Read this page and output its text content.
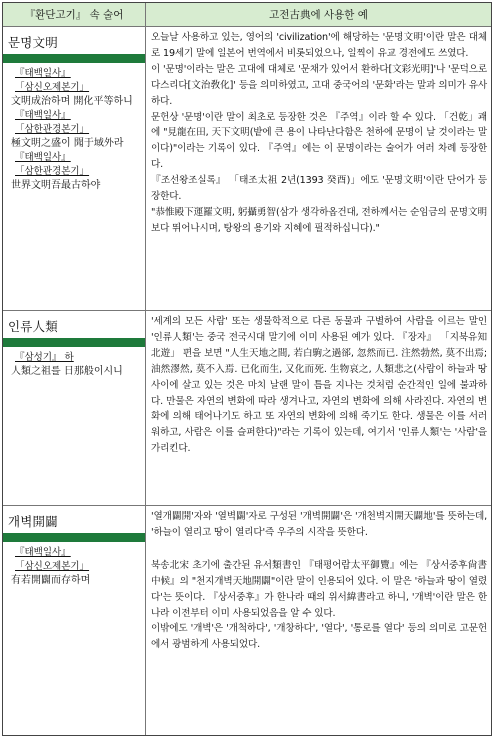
『환단고기』 속 술어	고전古典에 사용한 예
문명文明
『태백일사』
「삼신오제본기」
文明成治하며 開化平等하니
『태백일사』
「삼한관경본기」
極文明之盛이 聞于域外라
『태백일사』
「삼한관경본기」
世界文明吾最古하야
오늘날 사용하고 있는, 영어의 'civilization'에 해당하는 '문명文明'이란 말은 대체로 19세기 말에 일본어 번역에서 비롯되었으나, 일찍이 유교 경전에도 쓰였다.
이 '문명'이라는 말은 고대에 대체로 '문채가 있어서 환하다[文彩光明]'나 '문덕으로 다스리다[文治敎化]' 등을 의미하였고, 고대 중국어의 '문화'라는 말과 의미가 유사하다.
문헌상 '문명'이란 말이 최초로 등장한 것은 『주역』이라 할 수 있다. 「건乾」괘에 "見龍在田, 天下文明(밭에 큰 용이 나타난다함은 천하에 문명이 날 것이라는 말이다)"이라는 기록이 있다. 『주역』에는 이 문명이라는 술어가 여러 차례 등장한다.
『조선왕조실록』 「태조太祖 2년(1393 癸酉)」에도 '문명文明'이란 단어가 등장한다.
"恭惟殿下運羅文明, 躬攝勇智(삼가 생각하옵건대, 전하께서는 순임금의 문명文明보다 뛰어나시며, 탕왕의 용기와 지혜에 필적하십니다)."
인류人類
『삼성기』 하
人類之祖를 日那般이시니
'세계의 모든 사람' 또는 생물학적으로 다른 동물과 구별하여 사람을 이르는 말인 '인류人類'는 중국 전국시대 말기에 이미 사용된 예가 있다. 『장자』 「지북유知北遊」 편을 보면 "人生天地之間, 若白駒之過郤, 忽然而已. 注然勃然, 莫不出焉; 油然漻然, 莫不入焉. 已化而生, 又化而死. 生物哀之, 人類悲之(사람이 하늘과 땅 사이에 살고 있는 것은 마치 날랜 말이 틈을 지나는 것처럼 순간적인 일에 불과하다. 만물은 자연의 변화에 따라 생겨나고, 자연의 변화에 의해 사라진다. 자연의 변화에 의해 태어나기도 하고 또 자연의 변화에 의해 죽기도 한다. 생물은 이를 서러워하고, 사람은 이를 슬퍼한다)"라는 기록이 있는데, 여기서 '인류人類'는 '사람'을 가리킨다.
개벽開闢
『태백일사』
「삼신오제본기」
有若開闢而存하며
'열개闢開'자와 '열벽闢'자로 구성된 '개벽開闢'은 '개천벽지開天闢地'를 뜻하는데, '하늘이 열리고 땅이 열리다'즉 우주의 시작을 뜻한다.
북송北宋 초기에 출간된 유서類書인 『태평어람太平御覽』에는 『상서중후尙書中候』의 "천지개벽天地開闢"이란 말이 인용되어 있다. 이 말은 '하늘과 땅이 열렸다'는 뜻이다. 『상서중후』가 한나라 때의 위서緯書라고 하니, '개벽'이란 말은 한나라 이전부터 이미 사용되었음을 알 수 있다.
이밖에도 '개벽'은 '개척하다', '개창하다', '열다', '통로를 열다' 등의 의미로 고문헌에서 광범하게 사용되었다.
